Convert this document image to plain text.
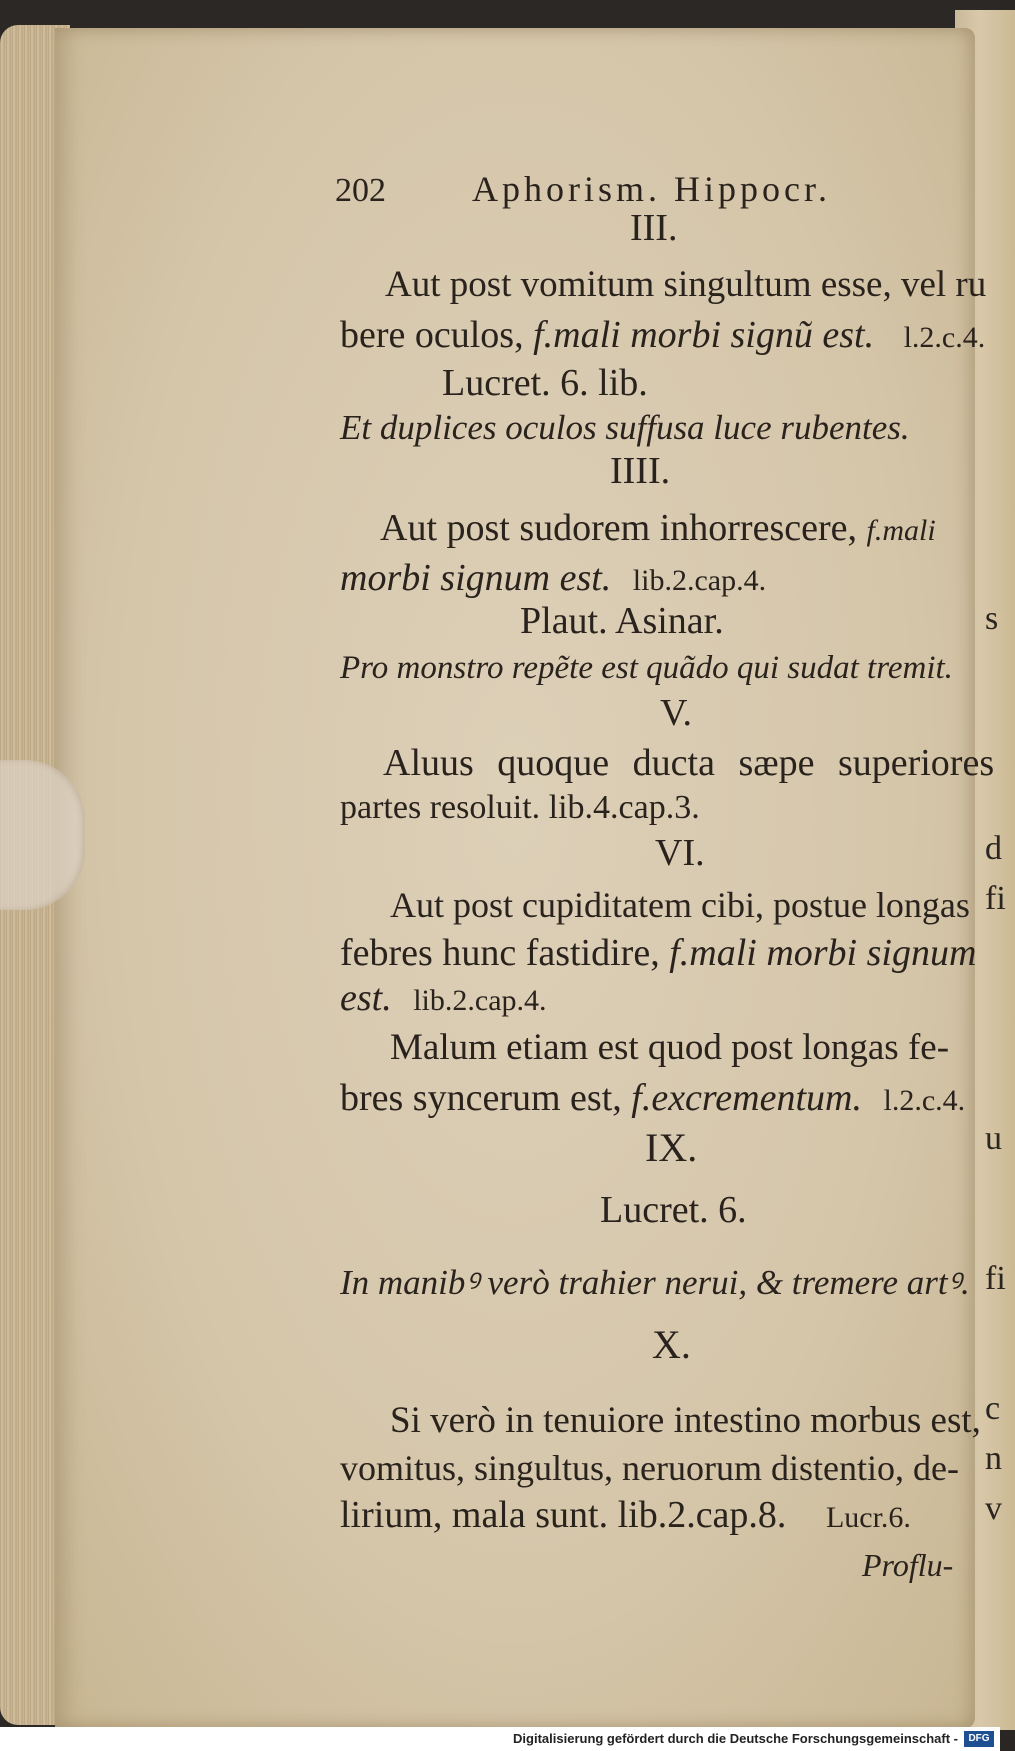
s
d
fi
u
fi
c
n
v
202 Aphorism. Hippocr.
III.
Aut post vomitum singultum esse, vel ru
bere oculos, f.mali morbi signũ est. l.2.c.4.
Lucret. 6. lib.
Et duplices oculos suffusa luce rubentes.
IIII.
Aut post sudorem inhorrescere, f.mali
morbi signum est. lib.2.cap.4.
Plaut. Asinar.
Pro monstro repẽte est quãdo qui sudat tremit.
V.
Aluus quoque ducta sæpe superiores
partes resoluit. lib.4.cap.3.
VI.
Aut post cupiditatem cibi, postue longas
febres hunc fastidire, f.mali morbi signum
est. lib.2.cap.4.
Malum etiam est quod post longas fe-
bres syncerum est, f.excrementum. l.2.c.4.
IX.
Lucret. 6.
In manibꝰ verò trahier nerui, & tremere artꝰ.
X.
Si verò in tenuiore intestino morbus est,
vomitus, singultus, neruorum distentio, de-
lirium, mala sunt. lib.2.cap.8. Lucr.6.
Proflu-
Digitalisierung gefördert durch die Deutsche Forschungsgemeinschaft -	DFG
